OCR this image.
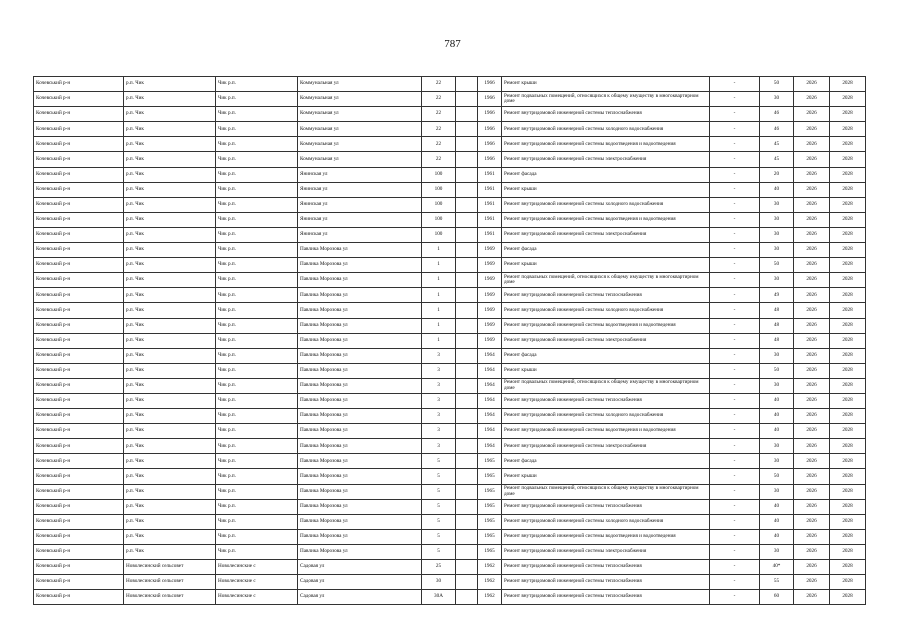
787
Кочевський р-н	р.п. Чик	Чик р.п.	Коммунальная ул	22		1966	Ремонт крыши	-	50	2026	2028
Кочевський р-н	р.п. Чик	Чик р.п.	Коммунальная ул	22		1966	Ремонт подвальных помещений, относящихся к общему имуществу в многоквартирном доме	-	30	2026	2028
Кочевський р-н	р.п. Чик	Чик р.п.	Коммунальная ул	22		1966	Ремонт внутридомовой инженерной системы теплоснабжения	-	46	2026	2028
Кочевський р-н	р.п. Чик	Чик р.п.	Коммунальная ул	22		1966	Ремонт внутридомовой инженерной системы холодного водоснабжения	-	46	2026	2028
Кочевський р-н	р.п. Чик	Чик р.п.	Коммунальная ул	22		1966	Ремонт внутридомовой инженерной системы водоотведения и водоотведения	-	45	2026	2028
Кочевський р-н	р.п. Чик	Чик р.п.	Коммунальная ул	22		1966	Ремонт внутридомовой инженерной системы электроснабжения	-	45	2026	2028
Кочевський р-н	р.п. Чик	Чик р.п.	Янинская ул	100		1961	Ремонт фасада	-	20	2026	2028
Кочевський р-н	р.п. Чик	Чик р.п.	Янинская ул	100		1961	Ремонт крыши	-	40	2026	2028
Кочевський р-н	р.п. Чик	Чик р.п.	Янинская ул	100		1961	Ремонт внутридомовой инженерной системы холодного водоснабжения	-	30	2026	2028
Кочевський р-н	р.п. Чик	Чик р.п.	Янинская ул	100		1961	Ремонт внутридомовой инженерной системы водоотведения и водоотведения	-	30	2026	2028
Кочевський р-н	р.п. Чик	Чик р.п.	Янинская ул	100		1961	Ремонт внутридомовой инженерной системы электроснабжения	-	30	2026	2028
Кочевський р-н	р.п. Чик	Чик р.п.	Павлика Морозова ул	1		1969	Ремонт фасада	-	30	2026	2028
Кочевський р-н	р.п. Чик	Чик р.п.	Павлика Морозова ул	1		1969	Ремонт крыши	-	50	2026	2028
Кочевський р-н	р.п. Чик	Чик р.п.	Павлика Морозова ул	1		1969	Ремонт подвальных помещений, относящихся к общему имуществу в многоквартирном доме	-	30	2026	2028
Кочевський р-н	р.п. Чик	Чик р.п.	Павлика Морозова ул	1		1969	Ремонт внутридомовой инженерной системы теплоснабжения	-	49	2026	2028
Кочевський р-н	р.п. Чик	Чик р.п.	Павлика Морозова ул	1		1969	Ремонт внутридомовой инженерной системы холодного водоснабжения	-	48	2026	2028
Кочевський р-н	р.п. Чик	Чик р.п.	Павлика Морозова ул	1		1969	Ремонт внутридомовой инженерной системы водоотведения и водоотведения	-	48	2026	2028
Кочевський р-н	р.п. Чик	Чик р.п.	Павлика Морозова ул	1		1969	Ремонт внутридомовой инженерной системы электроснабжения	-	48	2026	2028
Кочевський р-н	р.п. Чик	Чик р.п.	Павлика Морозова ул	3		1964	Ремонт фасада	-	30	2026	2028
Кочевський р-н	р.п. Чик	Чик р.п.	Павлика Морозова ул	3		1964	Ремонт крыши	-	50	2026	2028
Кочевський р-н	р.п. Чик	Чик р.п.	Павлика Морозова ул	3		1964	Ремонт подвальных помещений, относящихся к общему имуществу в многоквартирном доме	-	30	2026	2028
Кочевський р-н	р.п. Чик	Чик р.п.	Павлика Морозова ул	3		1964	Ремонт внутридомовой инженерной системы теплоснабжения	-	40	2026	2028
Кочевський р-н	р.п. Чик	Чик р.п.	Павлика Морозова ул	3		1964	Ремонт внутридомовой инженерной системы холодного водоснабжения	-	40	2026	2028
Кочевський р-н	р.п. Чик	Чик р.п.	Павлика Морозова ул	3		1964	Ремонт внутридомовой инженерной системы водоотведения и водоотведения	-	40	2026	2028
Кочевський р-н	р.п. Чик	Чик р.п.	Павлика Морозова ул	3		1964	Ремонт внутридомовой инженерной системы электроснабжения	-	30	2026	2028
Кочевський р-н	р.п. Чик	Чик р.п.	Павлика Морозова ул	5		1965	Ремонт фасада	-	30	2026	2028
Кочевський р-н	р.п. Чик	Чик р.п.	Павлика Морозова ул	5		1965	Ремонт крыши	-	50	2026	2028
Кочевський р-н	р.п. Чик	Чик р.п.	Павлика Морозова ул	5		1965	Ремонт подвальных помещений, относящихся к общему имуществу в многоквартирном доме	-	30	2026	2028
Кочевський р-н	р.п. Чик	Чик р.п.	Павлика Морозова ул	5		1965	Ремонт внутридомовой инженерной системы теплоснабжения	-	40	2026	2028
Кочевський р-н	р.п. Чик	Чик р.п.	Павлика Морозова ул	5		1965	Ремонт внутридомовой инженерной системы холодного водоснабжения	-	40	2026	2028
Кочевський р-н	р.п. Чик	Чик р.п.	Павлика Морозова ул	5		1965	Ремонт внутридомовой инженерной системы водоотведения и водоотведения	-	40	2026	2028
Кочевський р-н	р.п. Чик	Чик р.п.	Павлика Морозова ул	5		1965	Ремонт внутридомовой инженерной системы электроснабжения	-	30	2026	2028
Кочевський р-н	Новолесинский сельсовет	Новолесинские с	Садовая ул	25		1962	Ремонт внутридомовой инженерной системы теплоснабжения	-	40*	2026	2028
Кочевський р-н	Новолесинский сельсовет	Новолесинские с	Садовая ул	30		1962	Ремонт внутридомовой инженерной системы теплоснабжения	-	55	2026	2028
Кочевський р-н	Новолесинский сельсовет	Новолесинские с	Садовая ул	30А		1962	Ремонт внутридомовой инженерной системы теплоснабжения	-	60	2026	2028
